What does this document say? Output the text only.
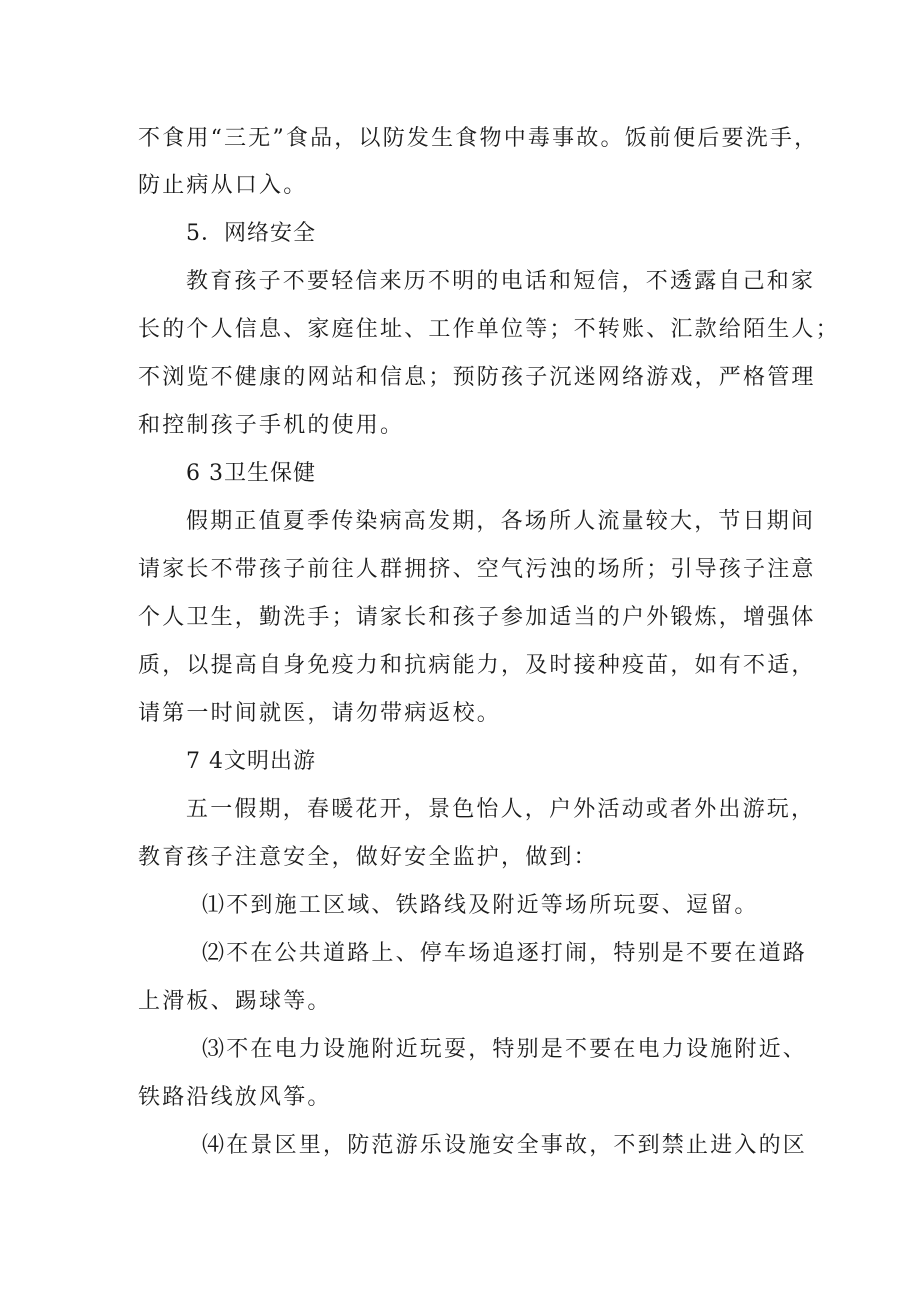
不食用“三无”食品，以防发生食物中毒事故。饭前便后要洗手，
防止病从口入。
5．网络安全
教育孩子不要轻信来历不明的电话和短信，不透露自己和家
长的个人信息、家庭住址、工作单位等；不转账、汇款给陌生人；
不浏览不健康的网站和信息；预防孩子沉迷网络游戏，严格管理
和控制孩子手机的使用。
6 3卫生保健
假期正值夏季传染病高发期，各场所人流量较大，节日期间
请家长不带孩子前往人群拥挤、空气污浊的场所；引导孩子注意
个人卫生，勤洗手；请家长和孩子参加适当的户外锻炼，增强体
质，以提高自身免疫力和抗病能力，及时接种疫苗，如有不适，
请第一时间就医，请勿带病返校。
7 4文明出游
五一假期，春暖花开，景色怡人，户外活动或者外出游玩，
教育孩子注意安全，做好安全监护，做到：
⑴不到施工区域、铁路线及附近等场所玩耍、逗留。
⑵不在公共道路上、停车场追逐打闹，特别是不要在道路
上滑板、踢球等。
⑶不在电力设施附近玩耍，特别是不要在电力设施附近、
铁路沿线放风筝。
⑷在景区里，防范游乐设施安全事故，不到禁止进入的区
